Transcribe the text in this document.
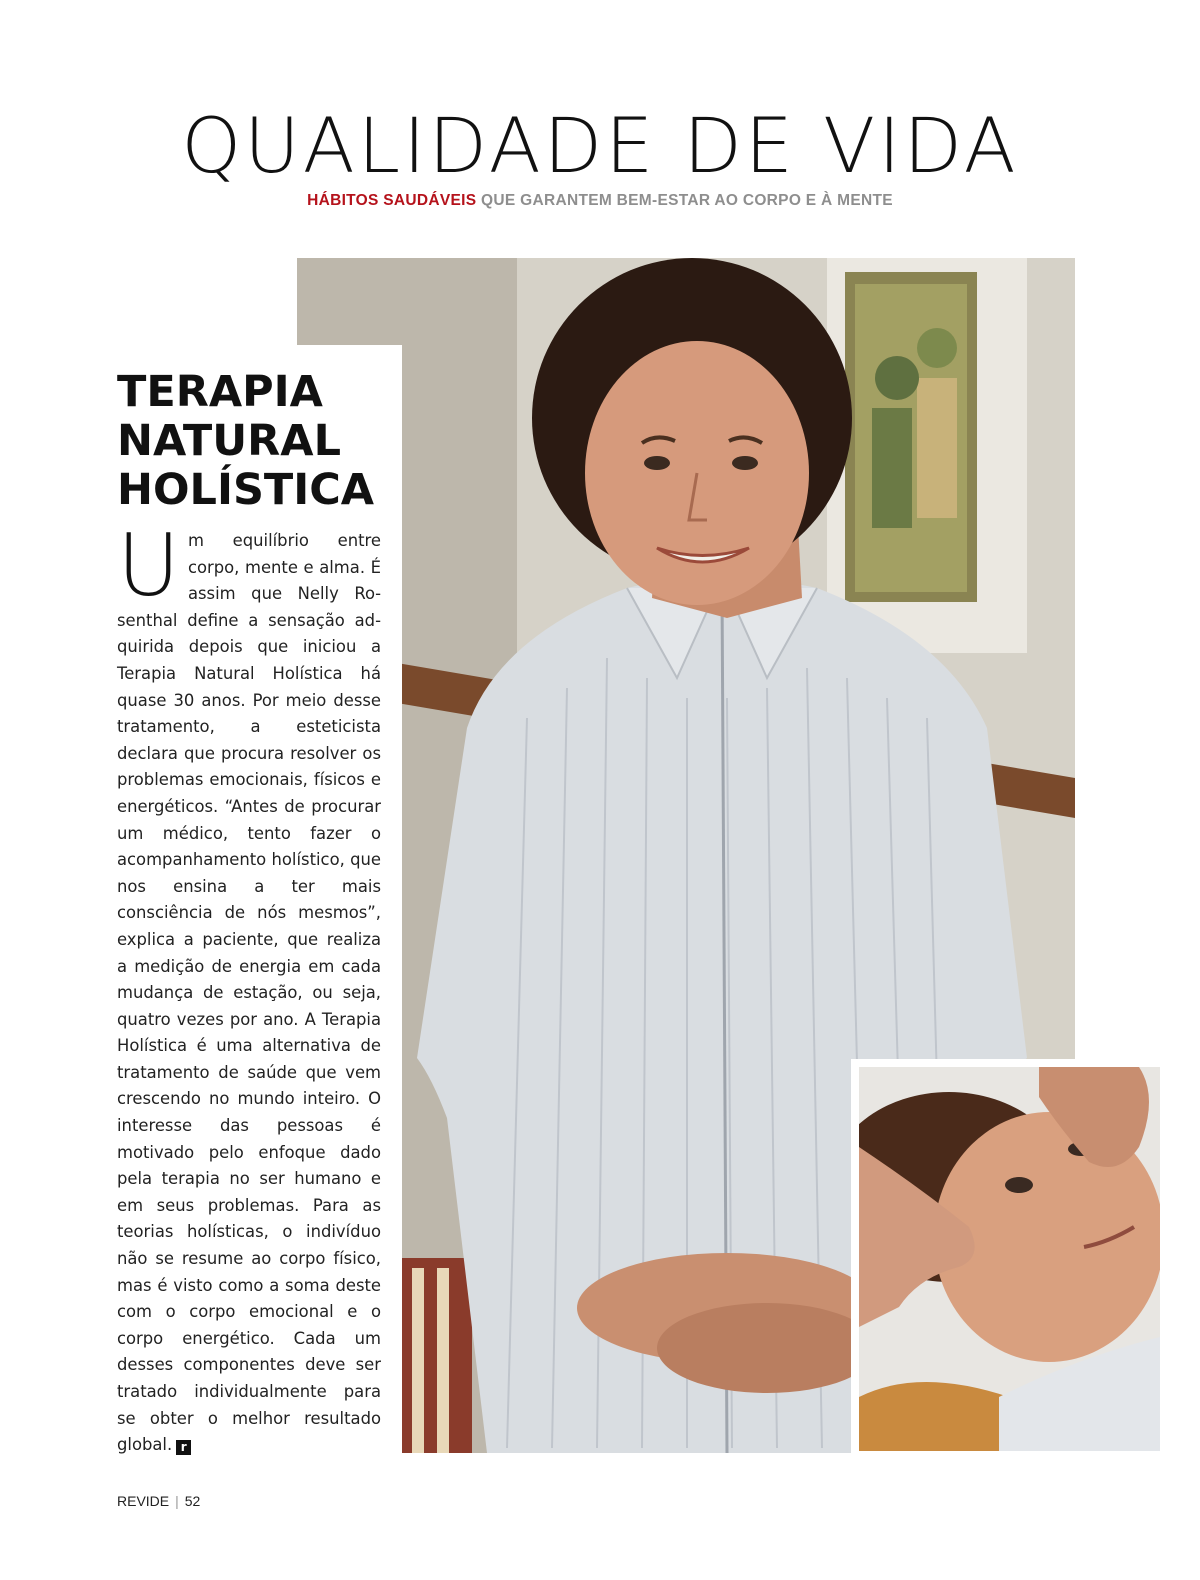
QUALIDADE DE VIDA

HÁBITOS SAUDÁVEIS QUE GARANTEM BEM-ESTAR AO CORPO E À MENTE

TERAPIA
NATURAL
HOLÍSTICA

Um equilíbrio entre corpo, mente e alma. É assim que Nelly Rosenthal define a sensação adquirida depois que iniciou a Terapia Natural Holística há quase 30 anos. Por meio desse tratamento, a esteticista declara que procura resolver os problemas emocionais, físicos e energéticos. “Antes de procurar um médico, tento fazer o acompanhamento holístico, que nos ensina a ter mais consciência de nós mesmos”, explica a paciente, que realiza a medição de energia em cada mudança de estação, ou seja, quatro vezes por ano. A Terapia Holística é uma alternativa de tratamento de saúde que vem crescendo no mundo inteiro. O interesse das pessoas é motivado pelo enfoque dado pela terapia no ser humano e em seus problemas. Para as teorias holísticas, o indivíduo não se resume ao corpo físico, mas é visto como a soma deste com o corpo emocional e o corpo energético. Cada um desses componentes deve ser tratado individualmente para se obter o melhor resultado global. r

REVIDE | 52
